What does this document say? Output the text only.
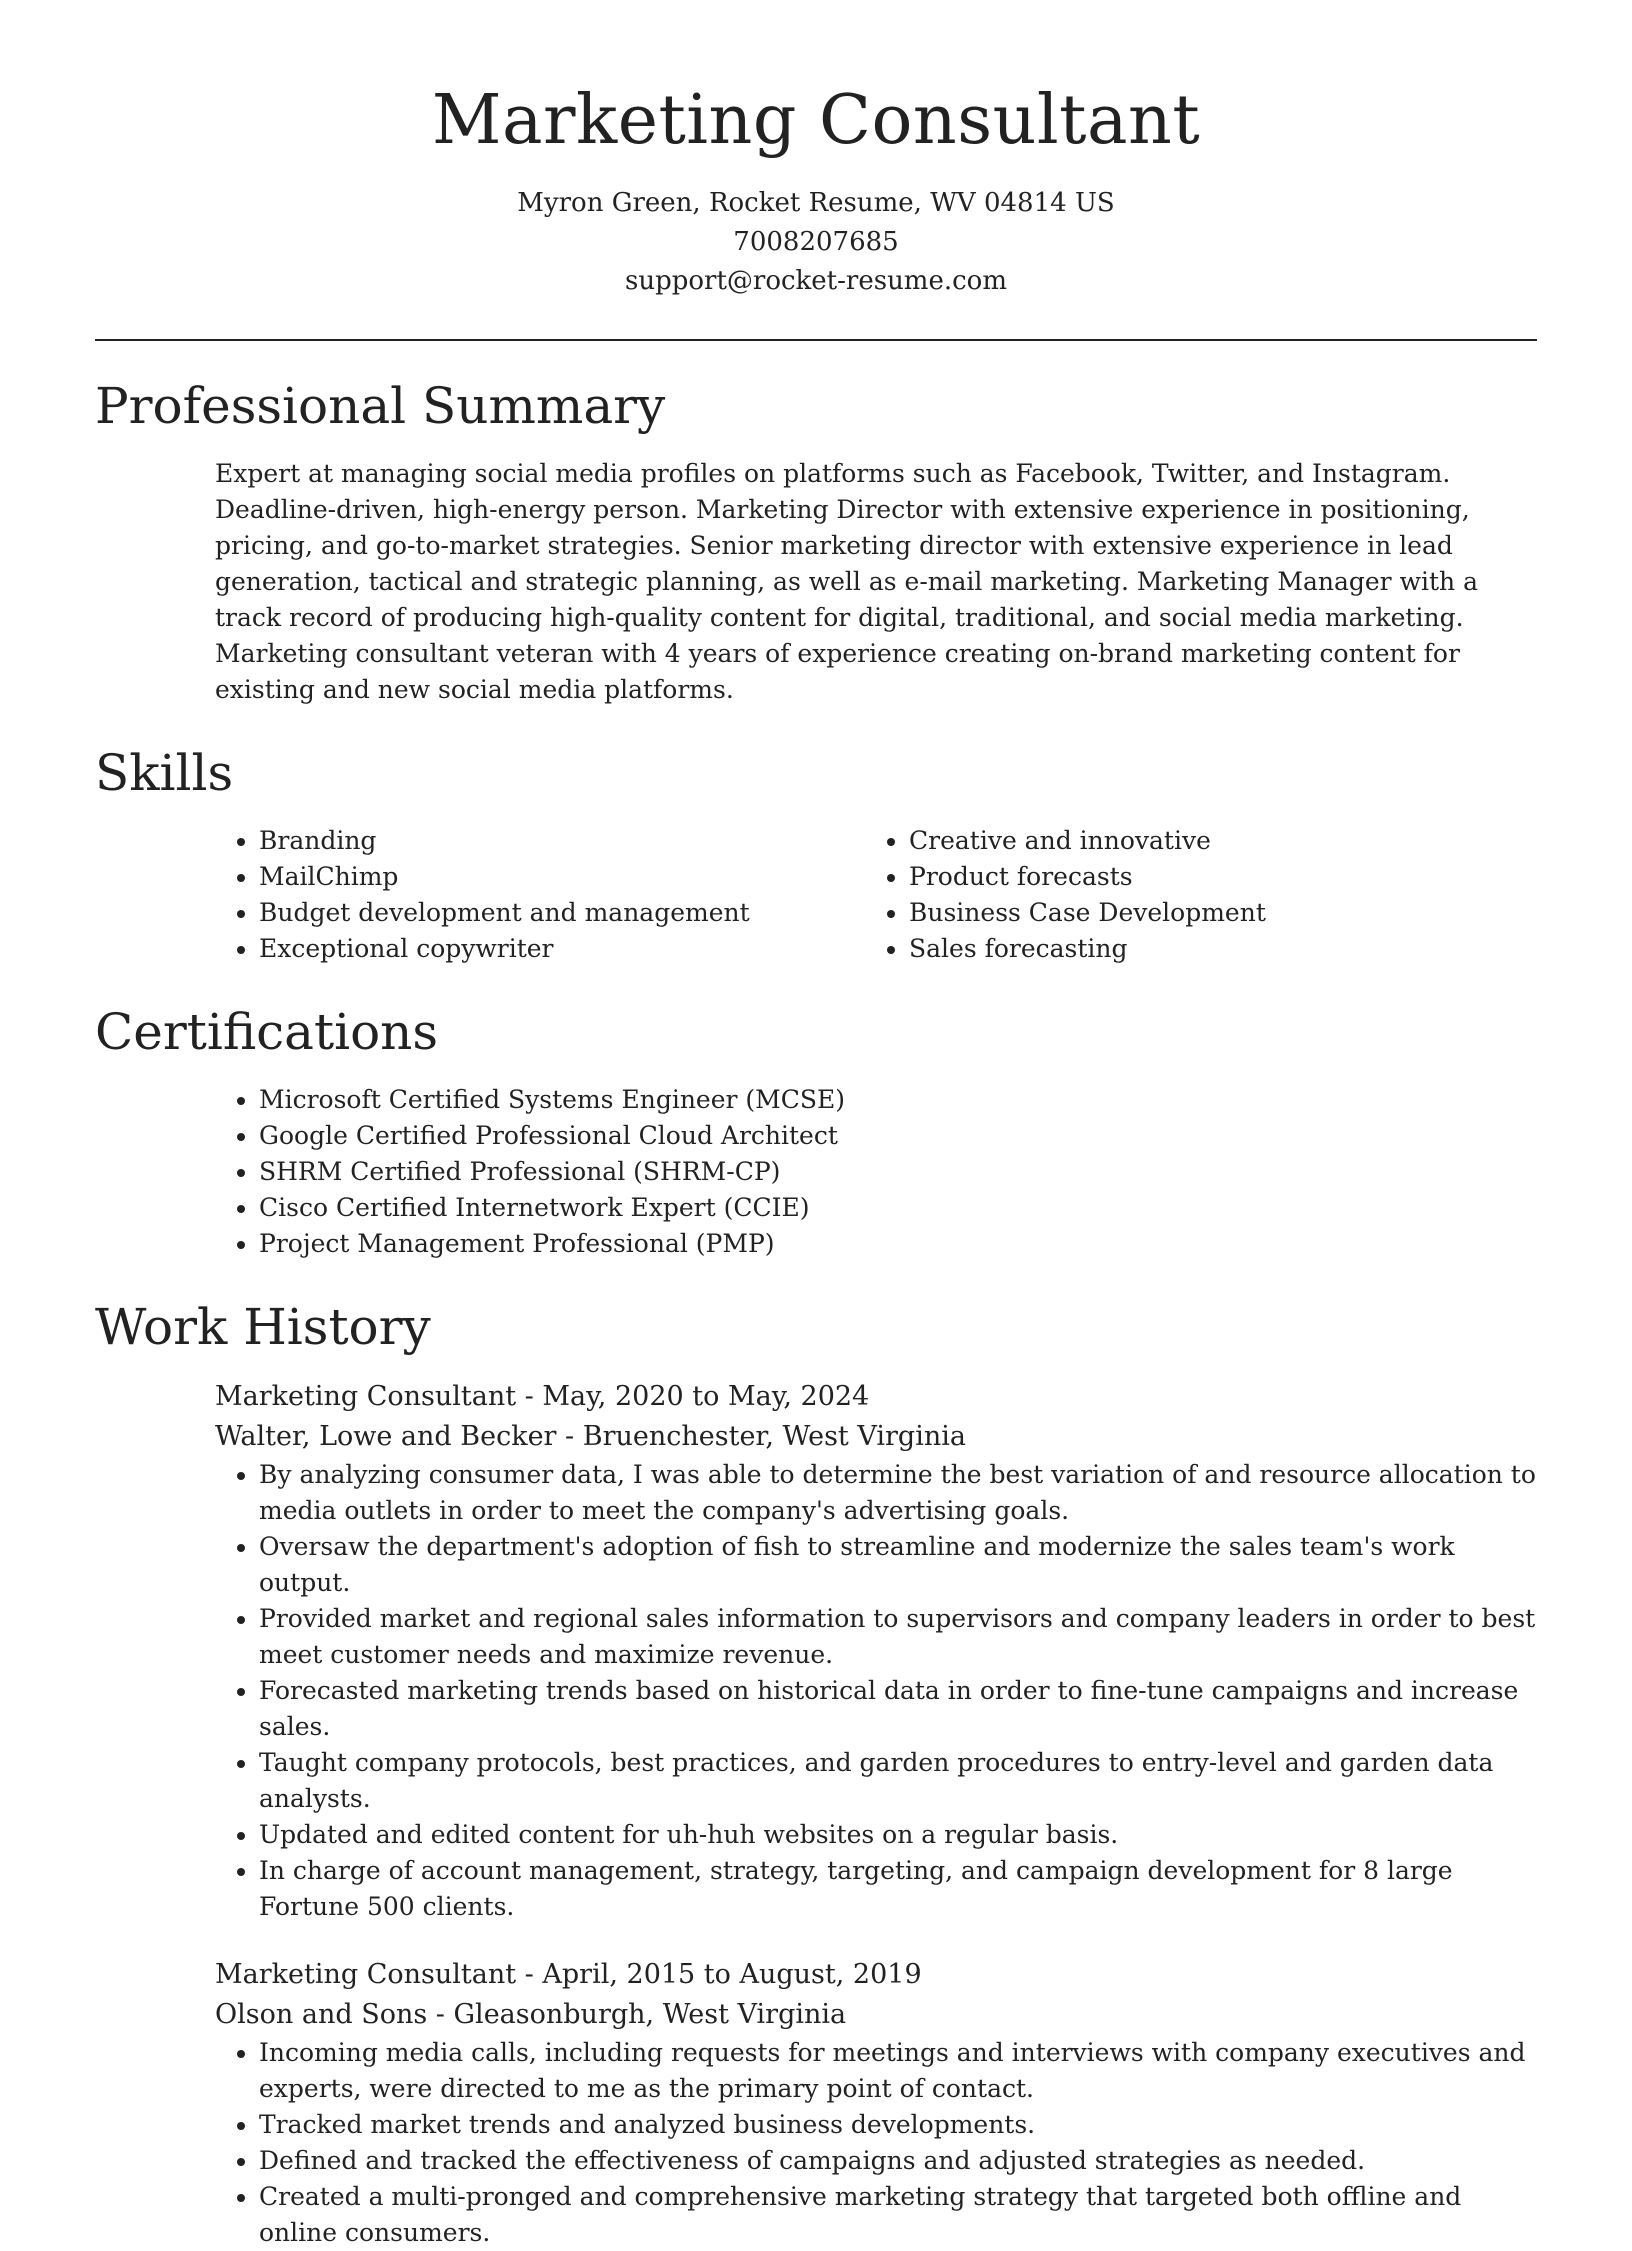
Marketing Consultant
Myron Green, Rocket Resume, WV 04814 US
7008207685
support@rocket-resume.com
Professional Summary

Expert at managing social media profiles on platforms such as Facebook, Twitter, and Instagram. Deadline-driven, high-energy person. Marketing Director with extensive experience in positioning, pricing, and go-to-market strategies. Senior marketing director with extensive experience in lead generation, tactical and strategic planning, as well as e-mail marketing. Marketing Manager with a track record of producing high-quality content for digital, traditional, and social media marketing. Marketing consultant veteran with 4 years of experience creating on-brand marketing content for existing and new social media platforms.

Skills
• Branding
• MailChimp
• Budget development and management
• Exceptional copywriter
• Creative and innovative
• Product forecasts
• Business Case Development
• Sales forecasting
Certifications
• Microsoft Certified Systems Engineer (MCSE)
• Google Certified Professional Cloud Architect
• SHRM Certified Professional (SHRM-CP)
• Cisco Certified Internetwork Expert (CCIE)
• Project Management Professional (PMP)
Work History
Marketing Consultant - May, 2020 to May, 2024
Walter, Lowe and Becker - Bruenchester, West Virginia
• By analyzing consumer data, I was able to determine the best variation of and resource allocation to media outlets in order to meet the company's advertising goals.
• Oversaw the department's adoption of fish to streamline and modernize the sales team's work output.
• Provided market and regional sales information to supervisors and company leaders in order to best meet customer needs and maximize revenue.
• Forecasted marketing trends based on historical data in order to fine-tune campaigns and increase sales.
• Taught company protocols, best practices, and garden procedures to entry-level and garden data analysts.
• Updated and edited content for uh-huh websites on a regular basis.
• In charge of account management, strategy, targeting, and campaign development for 8 large Fortune 500 clients.
Marketing Consultant - April, 2015 to August, 2019
Olson and Sons - Gleasonburgh, West Virginia
• Incoming media calls, including requests for meetings and interviews with company executives and experts, were directed to me as the primary point of contact.
• Tracked market trends and analyzed business developments.
• Defined and tracked the effectiveness of campaigns and adjusted strategies as needed.
• Created a multi-pronged and comprehensive marketing strategy that targeted both offline and online consumers.
